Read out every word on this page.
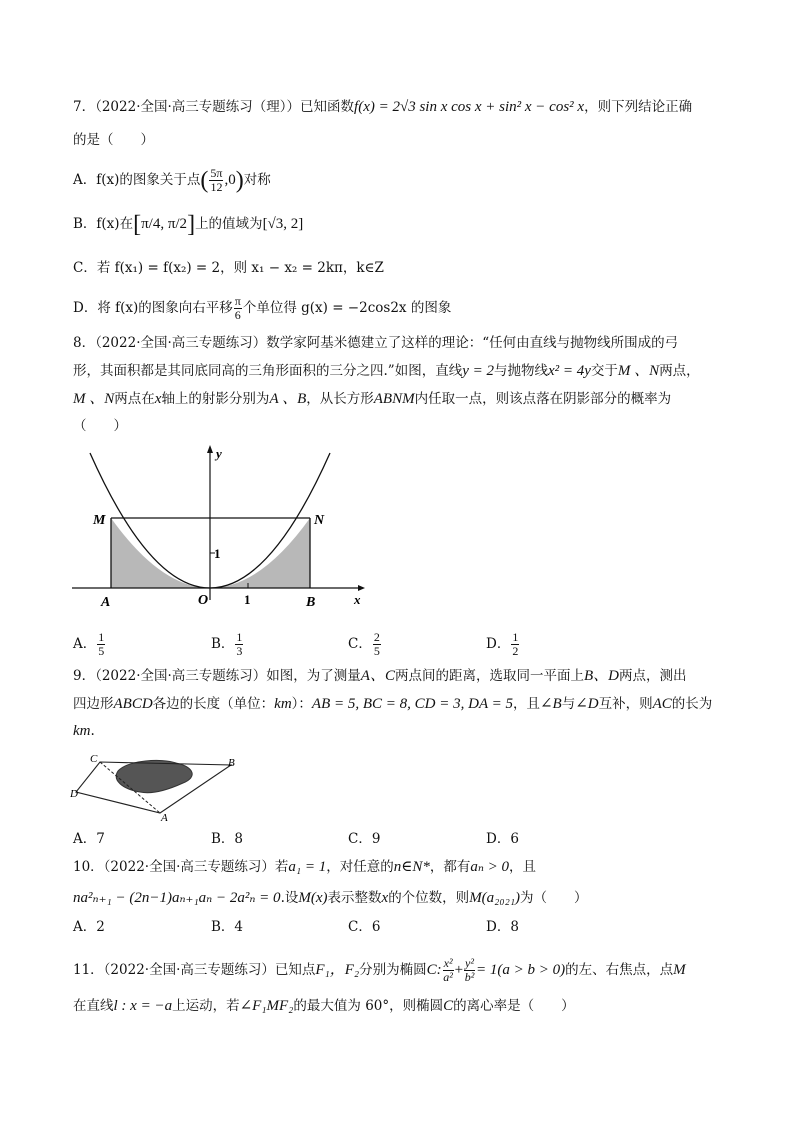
7．（2022·全国·高三专题练习（理））已知函数f(x) = 2√3 sin x cos x + sin² x − cos² x，则下列结论正确
的是（　　）
A．f(x)的图象关于点( $\frac{5\pi}{12} ,0$)对称
B．f(x)在[π/4, π/2]上的值域为[√3, 2]
C．若 f(x₁) = f(x₂) = 2，则 x₁ − x₂ = 2kπ，k∈Z
D．将 f(x)的图象向右平移 $\frac{\pi}{6}$ 个单位得 g(x) = −2cos2x 的图象
8．（2022·全国·高三专题练习）数学家阿基米德建立了这样的理论：“任何由直线与抛物线所围成的弓
形，其面积都是其同底同高的三角形面积的三分之四.”如图，直线y = 2与抛物线x² = 4y交于M 、N两点，
M 、N两点在x轴上的射影分别为A 、B，从长方形ABNM内任取一点，则该点落在阴影部分的概率为
（　　）
M	N
A	B
O
y
x
1
1
A． $\frac{1}{5}$	B． $\frac{1}{3}$	C． $\frac{2}{5}$	D． $\frac{1}{2}$
9．（2022·全国·高三专题练习）如图，为了测量A、C两点间的距离，选取同一平面上B、D两点，测出
四边形ABCD各边的长度（单位：km）：AB = 5, BC = 8, CD = 3, DA = 5，且∠B与∠D互补，则AC的长为
km.
C	B
A
D
A．7	B．8	C．9	D．6
10．（2022·全国·高三专题练习）若a₁ = 1，对任意的n∈N*，都有aₙ > 0，且
na²ₙ₊₁ − (2n−1)aₙ₊₁aₙ − 2a²ₙ = 0.设M(x)表示整数x的个位数，则M(a₂₀₂₁)为（　　）
A．2	B．4	C．6	D．8
11．（2022·全国·高三专题练习）已知点F₁，F₂分别为椭圆C: $\frac{\text{x²}}{\text{a²}} + \frac{\text{y²}}{\text{b²}} = 1(a > b > 0)$的左、右焦点，点M
在直线l : x = −a上运动，若∠F₁MF₂的最大值为 60°，则椭圆C的离心率是（　　）
